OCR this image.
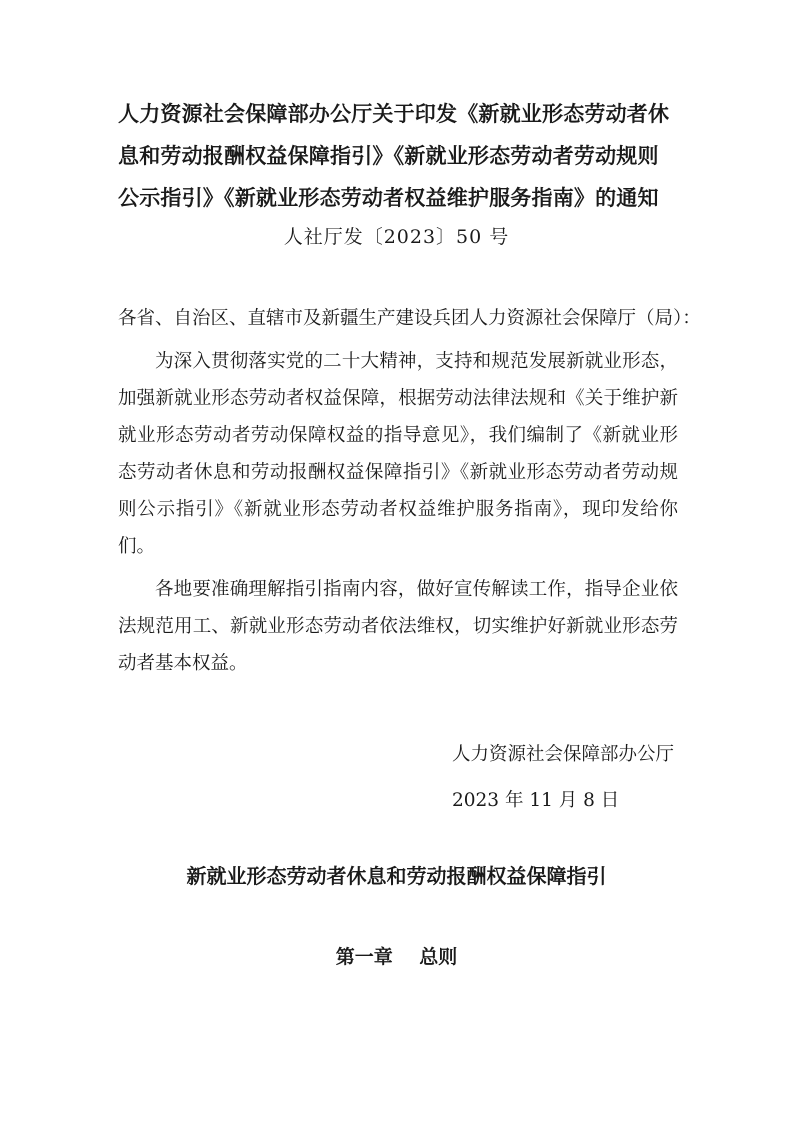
人力资源社会保障部办公厅关于印发《新就业形态劳动者休
息和劳动报酬权益保障指引》《新就业形态劳动者劳动规则
公示指引》《新就业形态劳动者权益维护服务指南》的通知
人社厅发〔2023〕50 号
各省、自治区、直辖市及新疆生产建设兵团人力资源社会保障厅（局）：

为深入贯彻落实党的二十大精神，支持和规范发展新就业形态，加强新就业形态劳动者权益保障，根据劳动法律法规和《关于维护新就业形态劳动者劳动保障权益的指导意见》，我们编制了《新就业形态劳动者休息和劳动报酬权益保障指引》《新就业形态劳动者劳动规则公示指引》《新就业形态劳动者权益维护服务指南》，现印发给你们。

各地要准确理解指引指南内容，做好宣传解读工作，指导企业依法规范用工、新就业形态劳动者依法维权，切实维护好新就业形态劳动者基本权益。

人力资源社会保障部办公厅
2023 年 11 月 8 日
新就业形态劳动者休息和劳动报酬权益保障指引
第一章    总则
